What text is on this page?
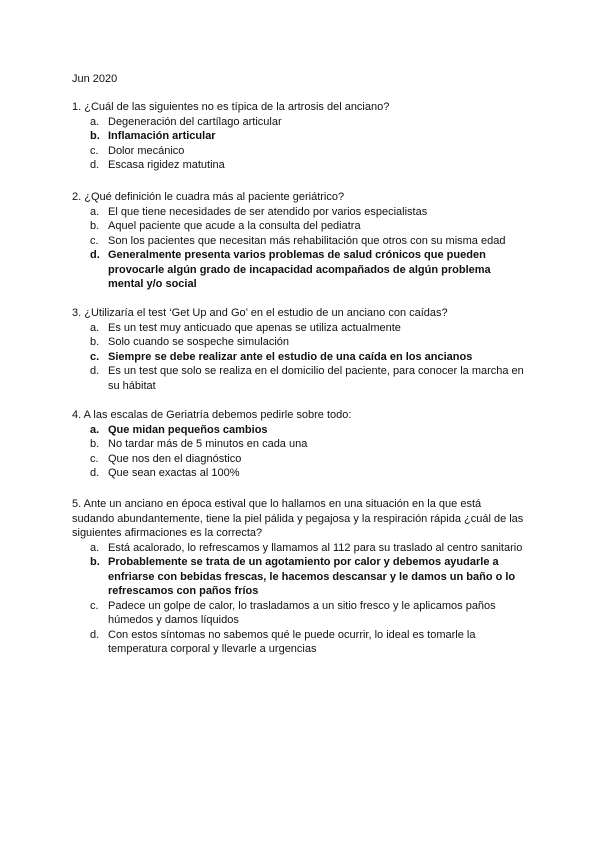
Jun 2020

1. ¿Cuál de las siguientes no es típica de la artrosis del anciano?

a. Degeneración del cartílago articular
b. Inflamación articular
c. Dolor mecánico
d. Escasa rigidez matutina

2. ¿Qué definición le cuadra más al paciente geriátrico?

a. El que tiene necesidades de ser atendido por varios especialistas
b. Aquel paciente que acude a la consulta del pediatra
c. Son los pacientes que necesitan más rehabilitación que otros con su misma edad
d. Generalmente presenta varios problemas de salud crónicos que pueden provocarle algún grado de incapacidad acompañados de algún problema mental y/o social

3. ¿Utilizaría el test ‘Get Up and Go’ en el estudio de un anciano con caídas?

a. Es un test muy anticuado que apenas se utiliza actualmente
b. Solo cuando se sospeche simulación
c. Siempre se debe realizar ante el estudio de una caída en los ancianos
d. Es un test que solo se realiza en el domicilio del paciente, para conocer la marcha en su hábitat

4. A las escalas de Geriatría debemos pedirle sobre todo:

a. Que midan pequeños cambios
b. No tardar más de 5 minutos en cada una
c. Que nos den el diagnóstico
d. Que sean exactas al 100%

5. Ante un anciano en época estival que lo hallamos en una situación en la que está sudando abundantemente, tiene la piel pálida y pegajosa y la respiración rápida ¿cuál de las siguientes afirmaciones es la correcta?

a. Está acalorado, lo refrescamos y llamamos al 112 para su traslado al centro sanitario
b. Probablemente se trata de un agotamiento por calor y debemos ayudarle a enfriarse con bebidas frescas, le hacemos descansar y le damos un baño o lo refrescamos con paños fríos
c. Padece un golpe de calor, lo trasladamos a un sitio fresco y le aplicamos paños húmedos y damos líquidos
d. Con estos síntomas no sabemos qué le puede ocurrir, lo ideal es tomarle la temperatura corporal y llevarle a urgencias
